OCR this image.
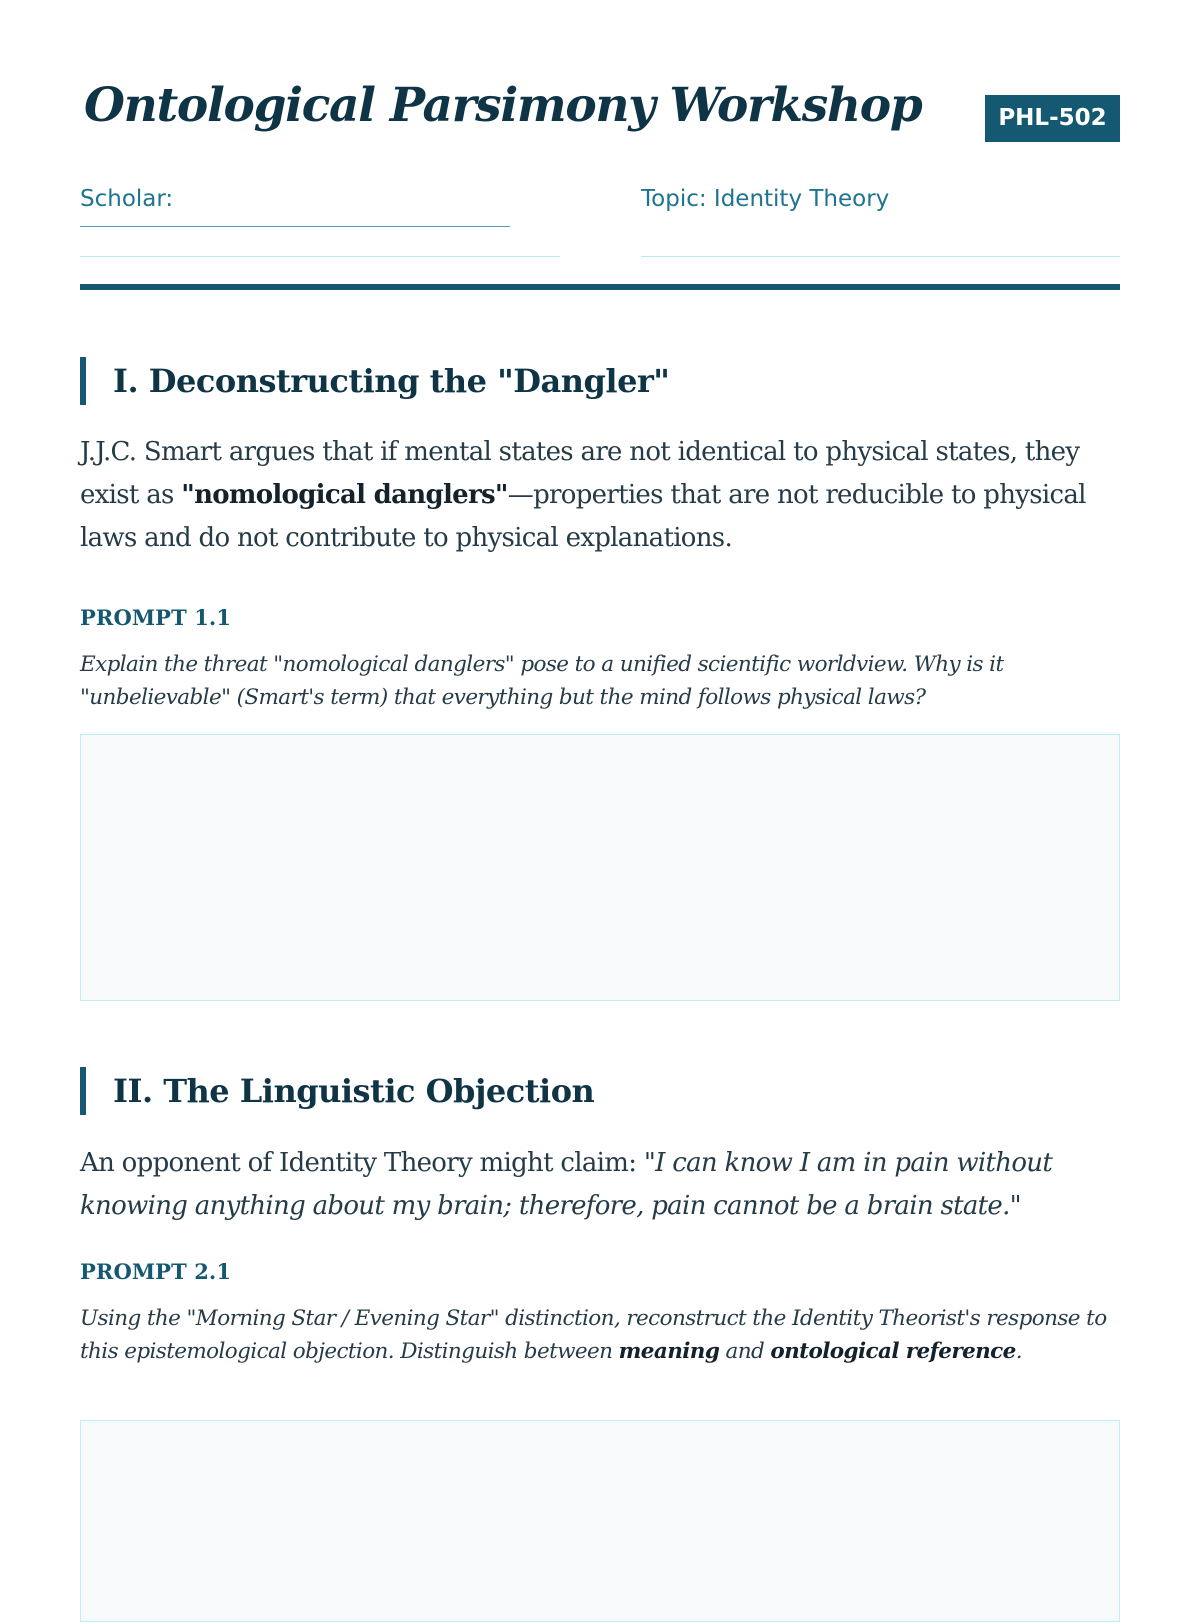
Ontological Parsimony Workshop	PHL-502
Scholar:	Topic: Identity Theory
I. Deconstructing the "Dangler"

J.J.C. Smart argues that if mental states are not identical to physical states, they exist as "nomological danglers"—properties that are not reducible to physical laws and do not contribute to physical explanations.

PROMPT 1.1

Explain the threat "nomological danglers" pose to a unified scientific worldview. Why is it "unbelievable" (Smart's term) that everything but the mind follows physical laws?

II. The Linguistic Objection

An opponent of Identity Theory might claim: "I can know I am in pain without knowing anything about my brain; therefore, pain cannot be a brain state."

PROMPT 2.1

Using the "Morning Star / Evening Star" distinction, reconstruct the Identity Theorist's response to this epistemological objection. Distinguish between meaning and ontological reference.
